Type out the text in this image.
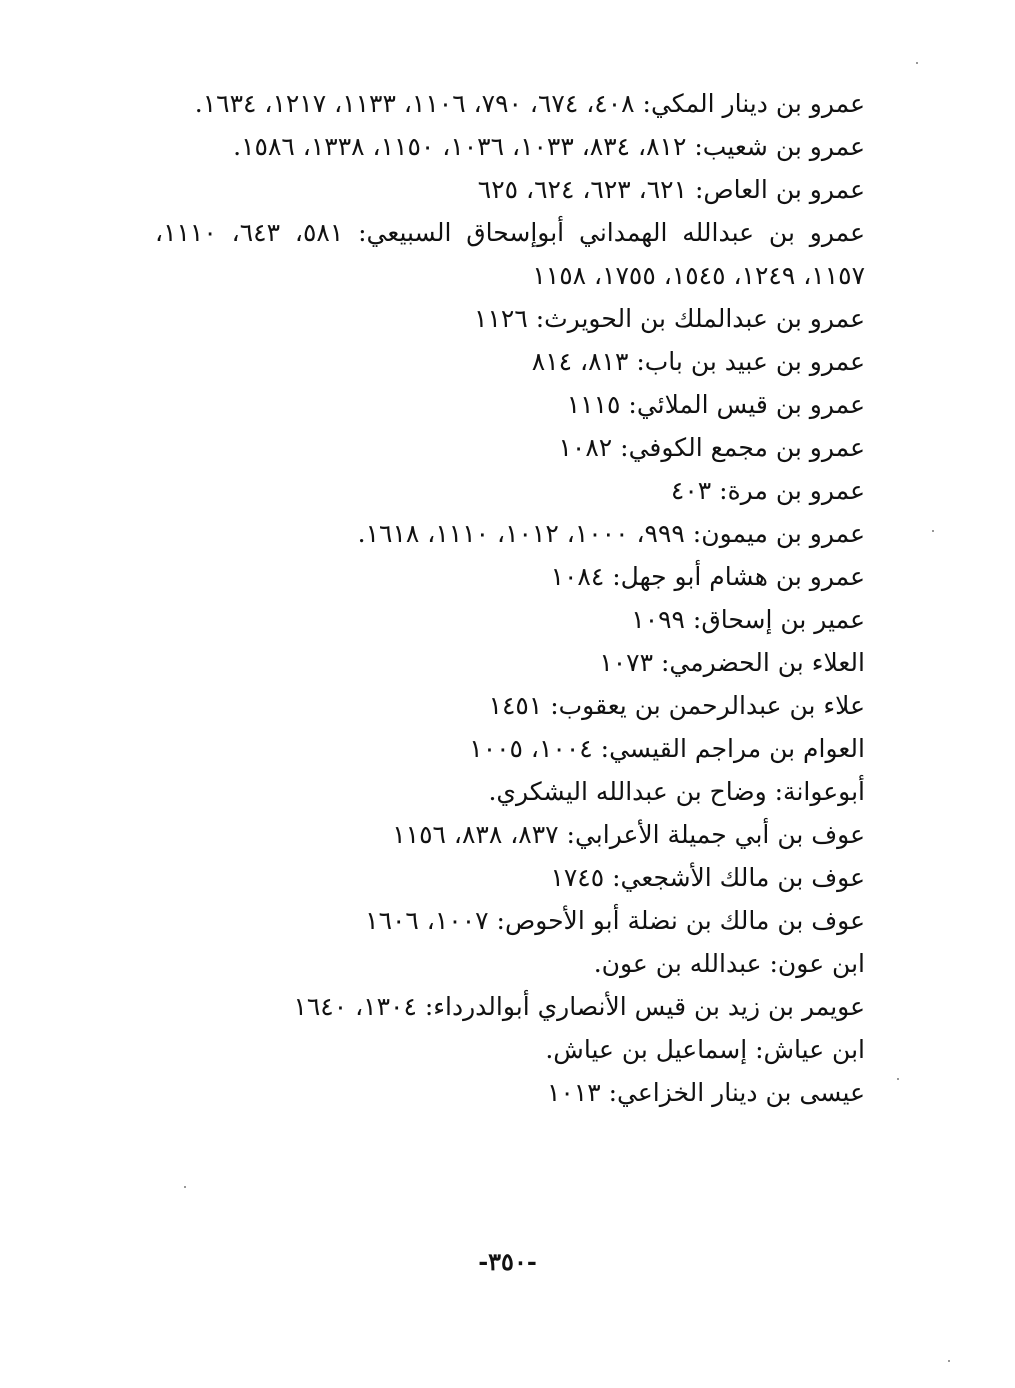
عمرو بن دينار المكي: ٤٠٨، ٦٧٤، ٧٩٠، ١١٠٦، ١١٣٣، ١٢١٧، ١٦٣٤.

عمرو بن شعيب: ٨١٢، ٨٣٤، ١٠٣٣، ١٠٣٦، ١١٥٠، ١٣٣٨، ١٥٨٦.

عمرو بن العاص: ٦٢١، ٦٢٣، ٦٢٤، ٦٢٥

عمرو بن عبدالله الهمداني أبوإسحاق السبيعي: ٥٨١، ٦٤٣، ١١١٠، ١١٥٧، ١٢٤٩، ١٥٤٥، ١٧٥٥، ١١٥٨

عمرو بن عبدالملك بن الحويرث: ١١٢٦

عمرو بن عبيد بن باب: ٨١٣، ٨١٤

عمرو بن قيس الملائي: ١١١٥

عمرو بن مجمع الكوفي: ١٠٨٢

عمرو بن مرة: ٤٠٣

عمرو بن ميمون: ٩٩٩، ١٠٠٠، ١٠١٢، ١١١٠، ١٦١٨.

عمرو بن هشام أبو جهل: ١٠٨٤

عمير بن إسحاق: ١٠٩٩

العلاء بن الحضرمي: ١٠٧٣

علاء بن عبدالرحمن بن يعقوب: ١٤٥١

العوام بن مراجم القيسي: ١٠٠٤، ١٠٠٥

أبوعوانة: وضاح بن عبدالله اليشكري.

عوف بن أبي جميلة الأعرابي: ٨٣٧، ٨٣٨، ١١٥٦

عوف بن مالك الأشجعي: ١٧٤٥

عوف بن مالك بن نضلة أبو الأحوص: ١٠٠٧، ١٦٠٦

ابن عون: عبدالله بن عون.

عويمر بن زيد بن قيس الأنصاري أبوالدرداء: ١٣٠٤، ١٦٤٠

ابن عياش: إسماعيل بن عياش.

عيسى بن دينار الخزاعي: ١٠١٣

-٣٥٠-
